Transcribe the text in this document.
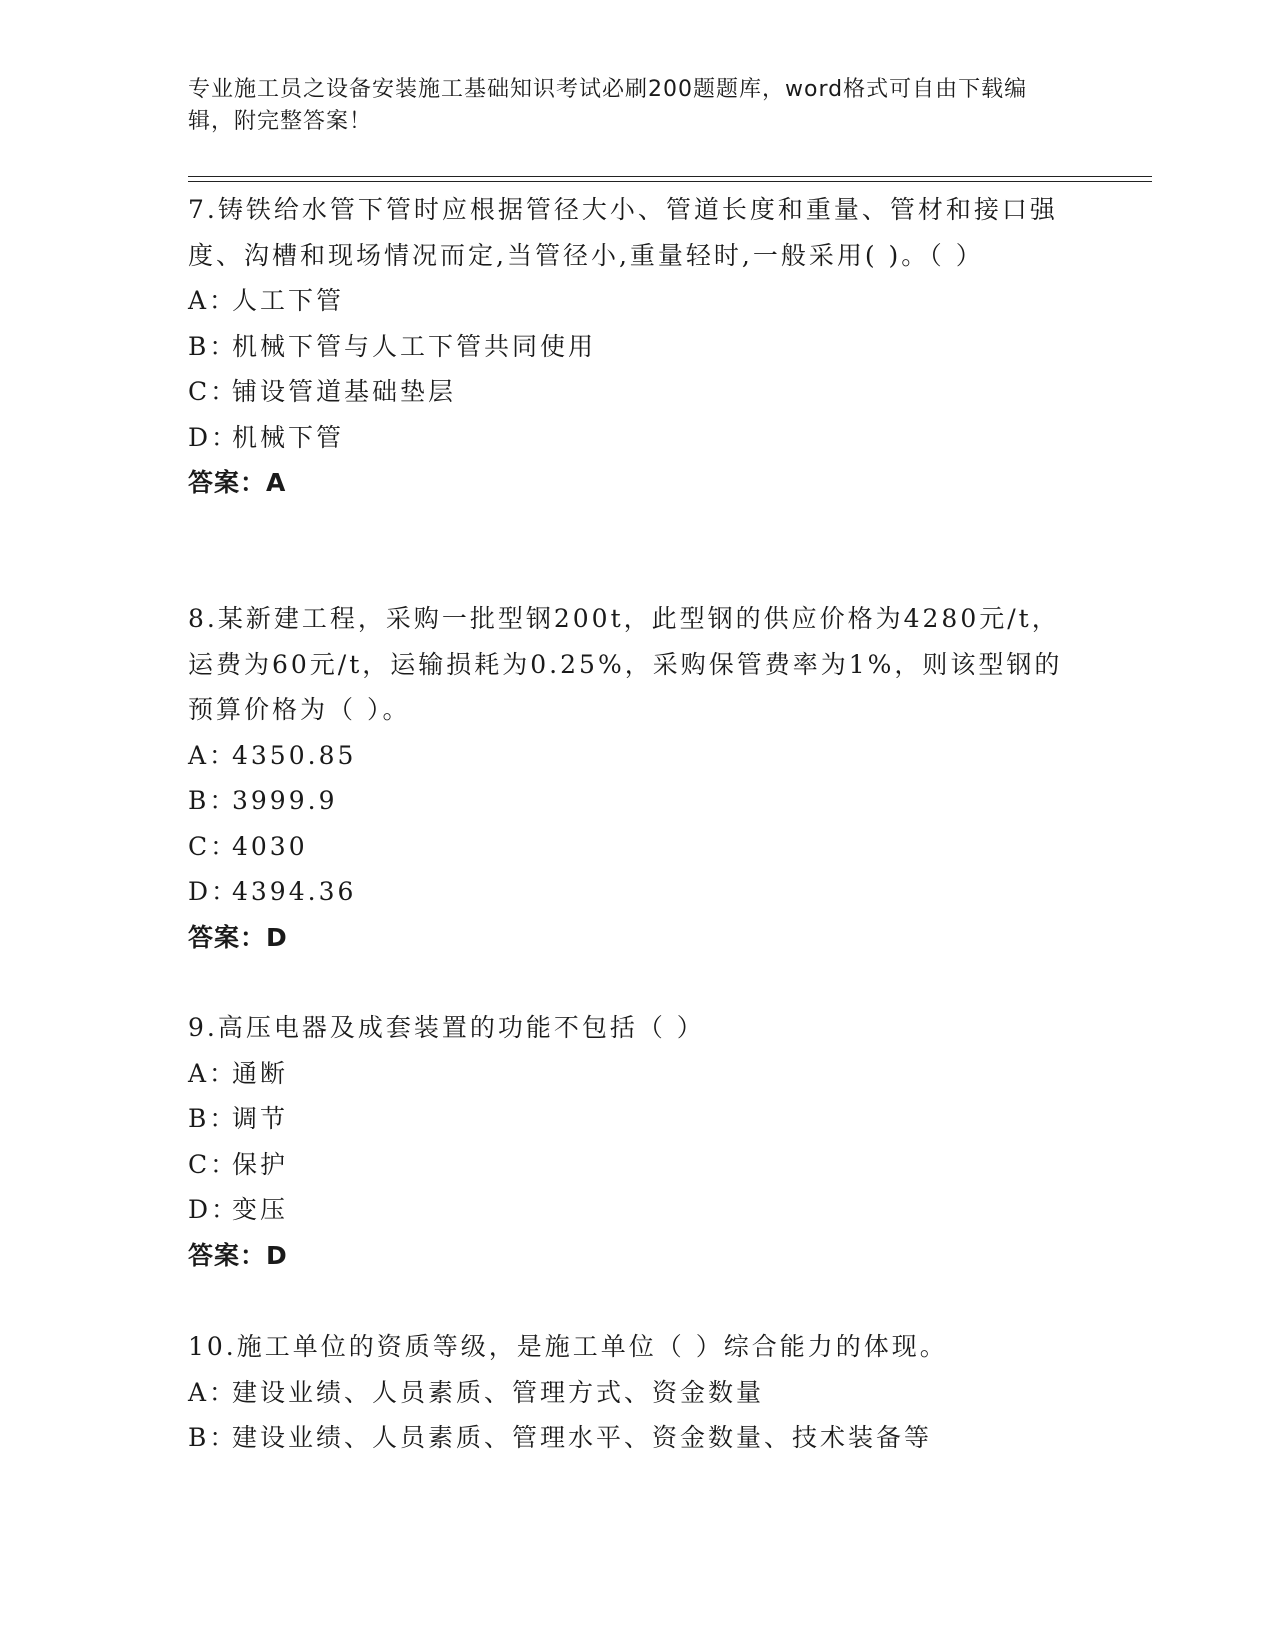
专业施工员之设备安装施工基础知识考试必刷200题题库，word格式可自由下载编辑，附完整答案！

7.铸铁给水管下管时应根据管径大小、管道长度和重量、管材和接口强度、沟槽和现场情况而定,当管径小,重量轻时,一般采用( )。（ ）

A：人工下管

B：机械下管与人工下管共同使用

C：铺设管道基础垫层

D：机械下管

答案：A

8.某新建工程，采购一批型钢200t，此型钢的供应价格为4280元/t，运费为60元/t，运输损耗为0.25%，采购保管费率为1%，则该型钢的预算价格为（ ）。

A：4350.85

B：3999.9

C：4030

D：4394.36

答案：D

9.高压电器及成套装置的功能不包括（ ）

A：通断

B：调节

C：保护

D：变压

答案：D

10.施工单位的资质等级，是施工单位（ ）综合能力的体现。

A：建设业绩、人员素质、管理方式、资金数量

B：建设业绩、人员素质、管理水平、资金数量、技术装备等
